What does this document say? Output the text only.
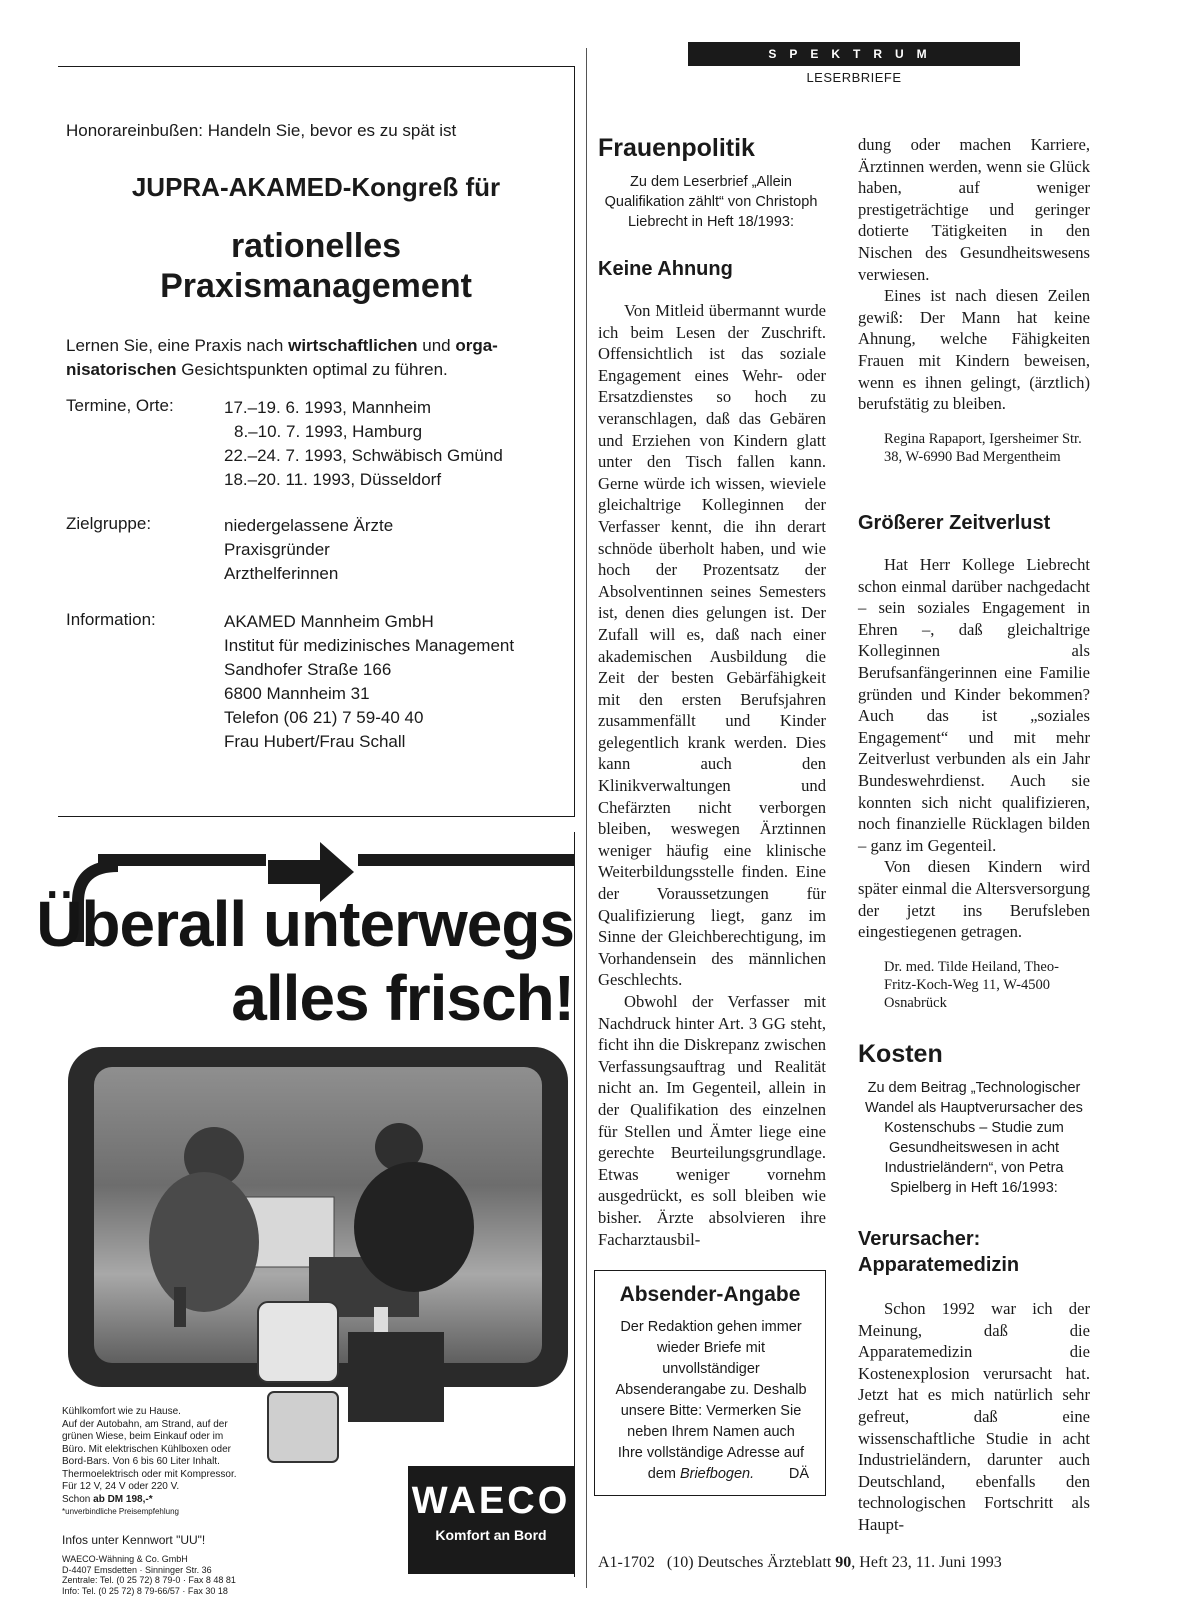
SPEKTRUM
LESERBRIEFE
Honorareinbußen: Handeln Sie, bevor es zu spät ist
JUPRA-AKAMED-Kongreß für
rationelles
Praxismanagement
Lernen Sie, eine Praxis nach wirtschaftlichen und orga-nisatorischen Gesichtspunkten optimal zu führen.
Termine, Orte:	17.–19. 6. 1993, Mannheim
8.–10. 7. 1993, Hamburg
22.–24. 7. 1993, Schwäbisch Gmünd
18.–20. 11. 1993, Düsseldorf
Zielgruppe:	niedergelassene Ärzte
Praxisgründer
Arzthelferinnen
Information:	AKAMED Mannheim GmbH
Institut für medizinisches Management
Sandhofer Straße 166
6800 Mannheim 31
Telefon (06 21) 7 59-40 40
Frau Hubert/Frau Schall
Überall unterwegs
alles frisch!
Kühlkomfort wie zu Hause.
Auf der Autobahn, am Strand, auf der
grünen Wiese, beim Einkauf oder im
Büro. Mit elektrischen Kühlboxen oder
Bord-Bars. Von 6 bis 60 Liter Inhalt.
Thermoelektrisch oder mit Kompressor.
Für 12 V, 24 V oder 220 V.
Schon ab DM 198,-*
*unverbindliche Preisempfehlung
Infos unter Kennwort "UU"!
WAECO-Wähning & Co. GmbH
D-4407 Emsdetten · Sinninger Str. 36
Zentrale: Tel. (0 25 72) 8 79-0 · Fax 8 48 81
Info: Tel. (0 25 72) 8 79-66/57 · Fax 30 18
WAECO
Komfort an Bord
Frauenpolitik
Zu dem Leserbrief „Allein Qualifikation zählt“ von Christoph Liebrecht in Heft 18/1993:
Keine Ahnung

Von Mitleid übermannt wurde ich beim Lesen der Zuschrift. Offensichtlich ist das soziale Engagement eines Wehr- oder Ersatzdienstes so hoch zu veranschlagen, daß das Gebären und Erziehen von Kindern glatt unter den Tisch fallen kann. Gerne würde ich wissen, wieviele gleichaltrige Kolleginnen der Verfasser kennt, die ihn derart schnöde überholt haben, und wie hoch der Prozentsatz der Absolventinnen seines Semesters ist, denen dies gelungen ist. Der Zufall will es, daß nach einer akademischen Ausbildung die Zeit der besten Gebärfähigkeit mit den ersten Berufsjahren zusammenfällt und Kinder gelegentlich krank werden. Dies kann auch den Klinikverwaltungen und Chefärzten nicht verborgen bleiben, weswegen Ärztinnen weniger häufig eine klinische Weiterbildungsstelle finden. Eine der Voraussetzungen für Qualifizierung liegt, ganz im Sinne der Gleichberechtigung, im Vorhandensein des männlichen Geschlechts.

Obwohl der Verfasser mit Nachdruck hinter Art. 3 GG steht, ficht ihn die Diskrepanz zwischen Verfassungsauftrag und Realität nicht an. Im Gegenteil, allein in der Qualifikation des einzelnen für Stellen und Ämter liege eine gerechte Beurteilungsgrundlage. Etwas weniger vornehm ausgedrückt, es soll bleiben wie bisher. Ärzte absolvieren ihre Facharztausbil-

Absender-Angabe
Der Redaktion gehen immer wieder Briefe mit unvollständiger Absenderangabe zu. Deshalb unsere Bitte: Vermerken Sie neben Ihrem Namen auch Ihre vollständige Adresse auf dem Briefbogen. DÄ

dung oder machen Karriere, Ärztinnen werden, wenn sie Glück haben, auf weniger prestigeträchtige und geringer dotierte Tätigkeiten in den Nischen des Gesundheitswesens verwiesen.

Eines ist nach diesen Zeilen gewiß: Der Mann hat keine Ahnung, welche Fähigkeiten Frauen mit Kindern beweisen, wenn es ihnen gelingt, (ärztlich) berufstätig zu bleiben.

Regina Rapaport, Igersheimer Str. 38, W-6990 Bad Mergentheim
Größerer Zeitverlust

Hat Herr Kollege Liebrecht schon einmal darüber nachgedacht – sein soziales Engagement in Ehren –, daß gleichaltrige Kolleginnen als Berufsanfängerinnen eine Familie gründen und Kinder bekommen? Auch das ist „soziales Engagement“ und mit mehr Zeitverlust verbunden als ein Jahr Bundeswehrdienst. Auch sie konnten sich nicht qualifizieren, noch finanzielle Rücklagen bilden – ganz im Gegenteil.

Von diesen Kindern wird später einmal die Altersversorgung der jetzt ins Berufsleben eingestiegenen getragen.

Dr. med. Tilde Heiland, Theo-Fritz-Koch-Weg 11, W-4500 Osnabrück
Kosten
Zu dem Beitrag „Technologischer Wandel als Hauptverursacher des Kostenschubs – Studie zum Gesundheitswesen in acht Industrieländern“, von Petra Spielberg in Heft 16/1993:
Verursacher:
Apparatemedizin

Schon 1992 war ich der Meinung, daß die Apparatemedizin die Kostenexplosion verursacht hat. Jetzt hat es mich natürlich sehr gefreut, daß eine wissenschaftliche Studie in acht Industrieländern, darunter auch Deutschland, ebenfalls den technologischen Fortschritt als Haupt-

A1-1702 (10) Deutsches Ärzteblatt 90, Heft 23, 11. Juni 1993
